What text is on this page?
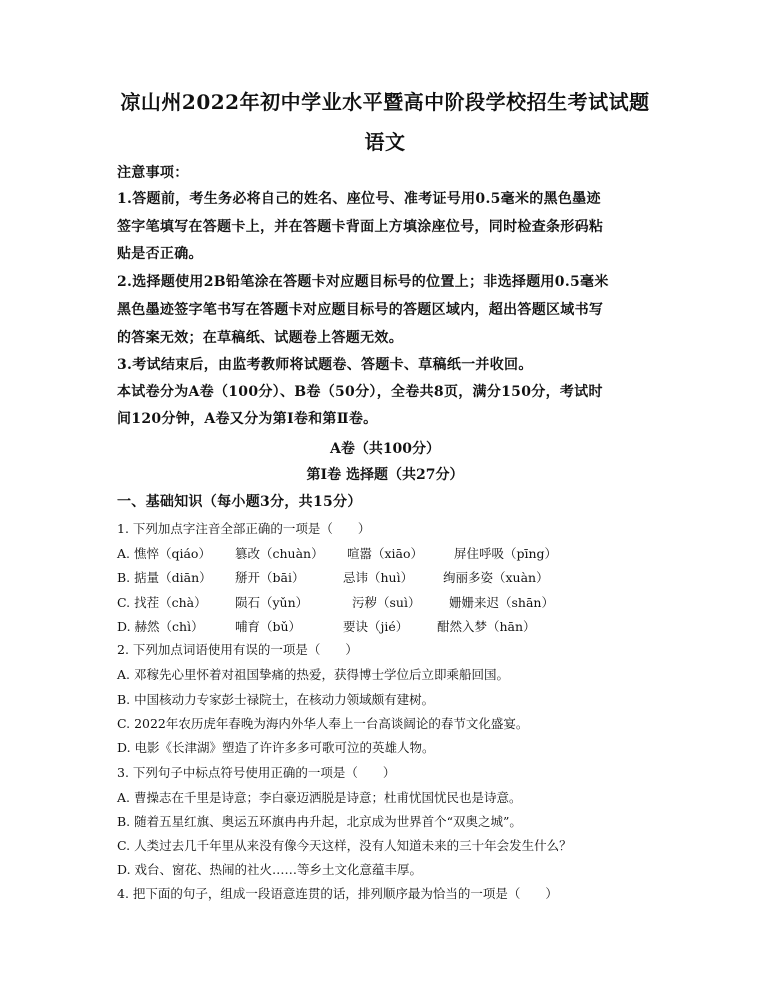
凉山州2022年初中学业水平暨高中阶段学校招生考试试题
语文
注意事项：
1.答题前，考生务必将自己的姓名、座位号、准考证号用0.5毫米的黑色墨迹
签字笔填写在答题卡上，并在答题卡背面上方填涂座位号，同时检查条形码粘
贴是否正确。
2.选择题使用2B铅笔涂在答题卡对应题目标号的位置上；非选择题用0.5毫米
黑色墨迹签字笔书写在答题卡对应题目标号的答题区域内，超出答题区域书写
的答案无效；在草稿纸、试题卷上答题无效。
3.考试结束后，由监考教师将试题卷、答题卡、草稿纸一并收回。
本试卷分为A卷（100分）、B卷（50分），全卷共8页，满分150分，考试时
间120分钟，A卷又分为第Ⅰ卷和第Ⅱ卷。
A卷（共100分）
第Ⅰ卷 选择题（共27分）
一、基础知识（每小题3分，共15分）
1. 下列加点字注音全部正确的一项是（　　）
A. 憔悴（qiáo） 篡改（chuàn） 喧嚣（xiāo） 屏住呼吸（pīng）
B. 掂量（diān） 掰开（bāi）	忌讳（huì） 绚丽多姿（xuàn）
C. 找茬（chà） 陨石（yǔn）	污秽（suì） 姗姗来迟（shān）
D. 赫然（chì）	哺育（bǔ）	要诀（jié） 酣然入梦（hān）
2. 下列加点词语使用有误的一项是（　　）
A. 邓稼先心里怀着对祖国挚痛的热爱，获得博士学位后立即乘船回国。
B. 中国核动力专家彭士禄院士，在核动力领域颇有建树。
C. 2022年农历虎年春晚为海内外华人奉上一台高谈阔论的春节文化盛宴。
D. 电影《长津湖》塑造了许许多多可歌可泣的英雄人物。
3. 下列句子中标点符号使用正确的一项是（　　）
A. 曹操志在千里是诗意；李白豪迈洒脱是诗意；杜甫忧国忧民也是诗意。
B. 随着五星红旗、奥运五环旗冉冉升起，北京成为世界首个“双奥之城”。
C. 人类过去几千年里从来没有像今天这样，没有人知道未来的三十年会发生什么？
D. 戏台、窗花、热闹的社火……等乡土文化意蕴丰厚。
4. 把下面的句子，组成一段语意连贯的话，排列顺序最为恰当的一项是（　　）
